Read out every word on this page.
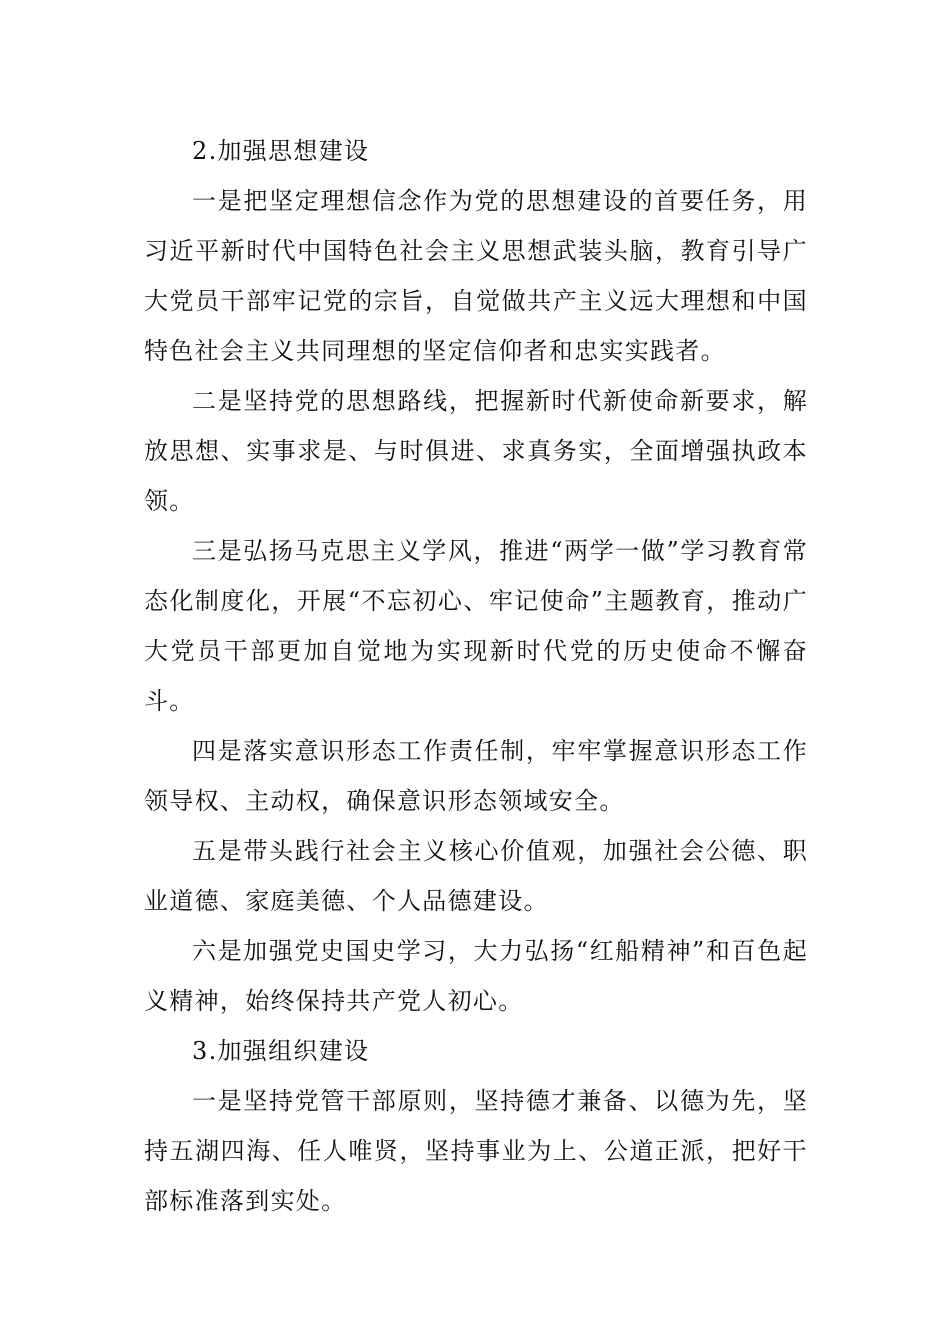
2.加强思想建设

一是把坚定理想信念作为党的思想建设的首要任务，用习近平新时代中国特色社会主义思想武装头脑，教育引导广大党员干部牢记党的宗旨，自觉做共产主义远大理想和中国特色社会主义共同理想的坚定信仰者和忠实实践者。

二是坚持党的思想路线，把握新时代新使命新要求，解放思想、实事求是、与时俱进、求真务实，全面增强执政本领。

三是弘扬马克思主义学风，推进“两学一做”学习教育常态化制度化，开展“不忘初心、牢记使命”主题教育，推动广大党员干部更加自觉地为实现新时代党的历史使命不懈奋斗。

四是落实意识形态工作责任制，牢牢掌握意识形态工作领导权、主动权，确保意识形态领域安全。

五是带头践行社会主义核心价值观，加强社会公德、职业道德、家庭美德、个人品德建设。

六是加强党史国史学习，大力弘扬“红船精神”和百色起义精神，始终保持共产党人初心。

3.加强组织建设

一是坚持党管干部原则，坚持德才兼备、以德为先，坚持五湖四海、任人唯贤，坚持事业为上、公道正派，把好干部标准落到实处。
